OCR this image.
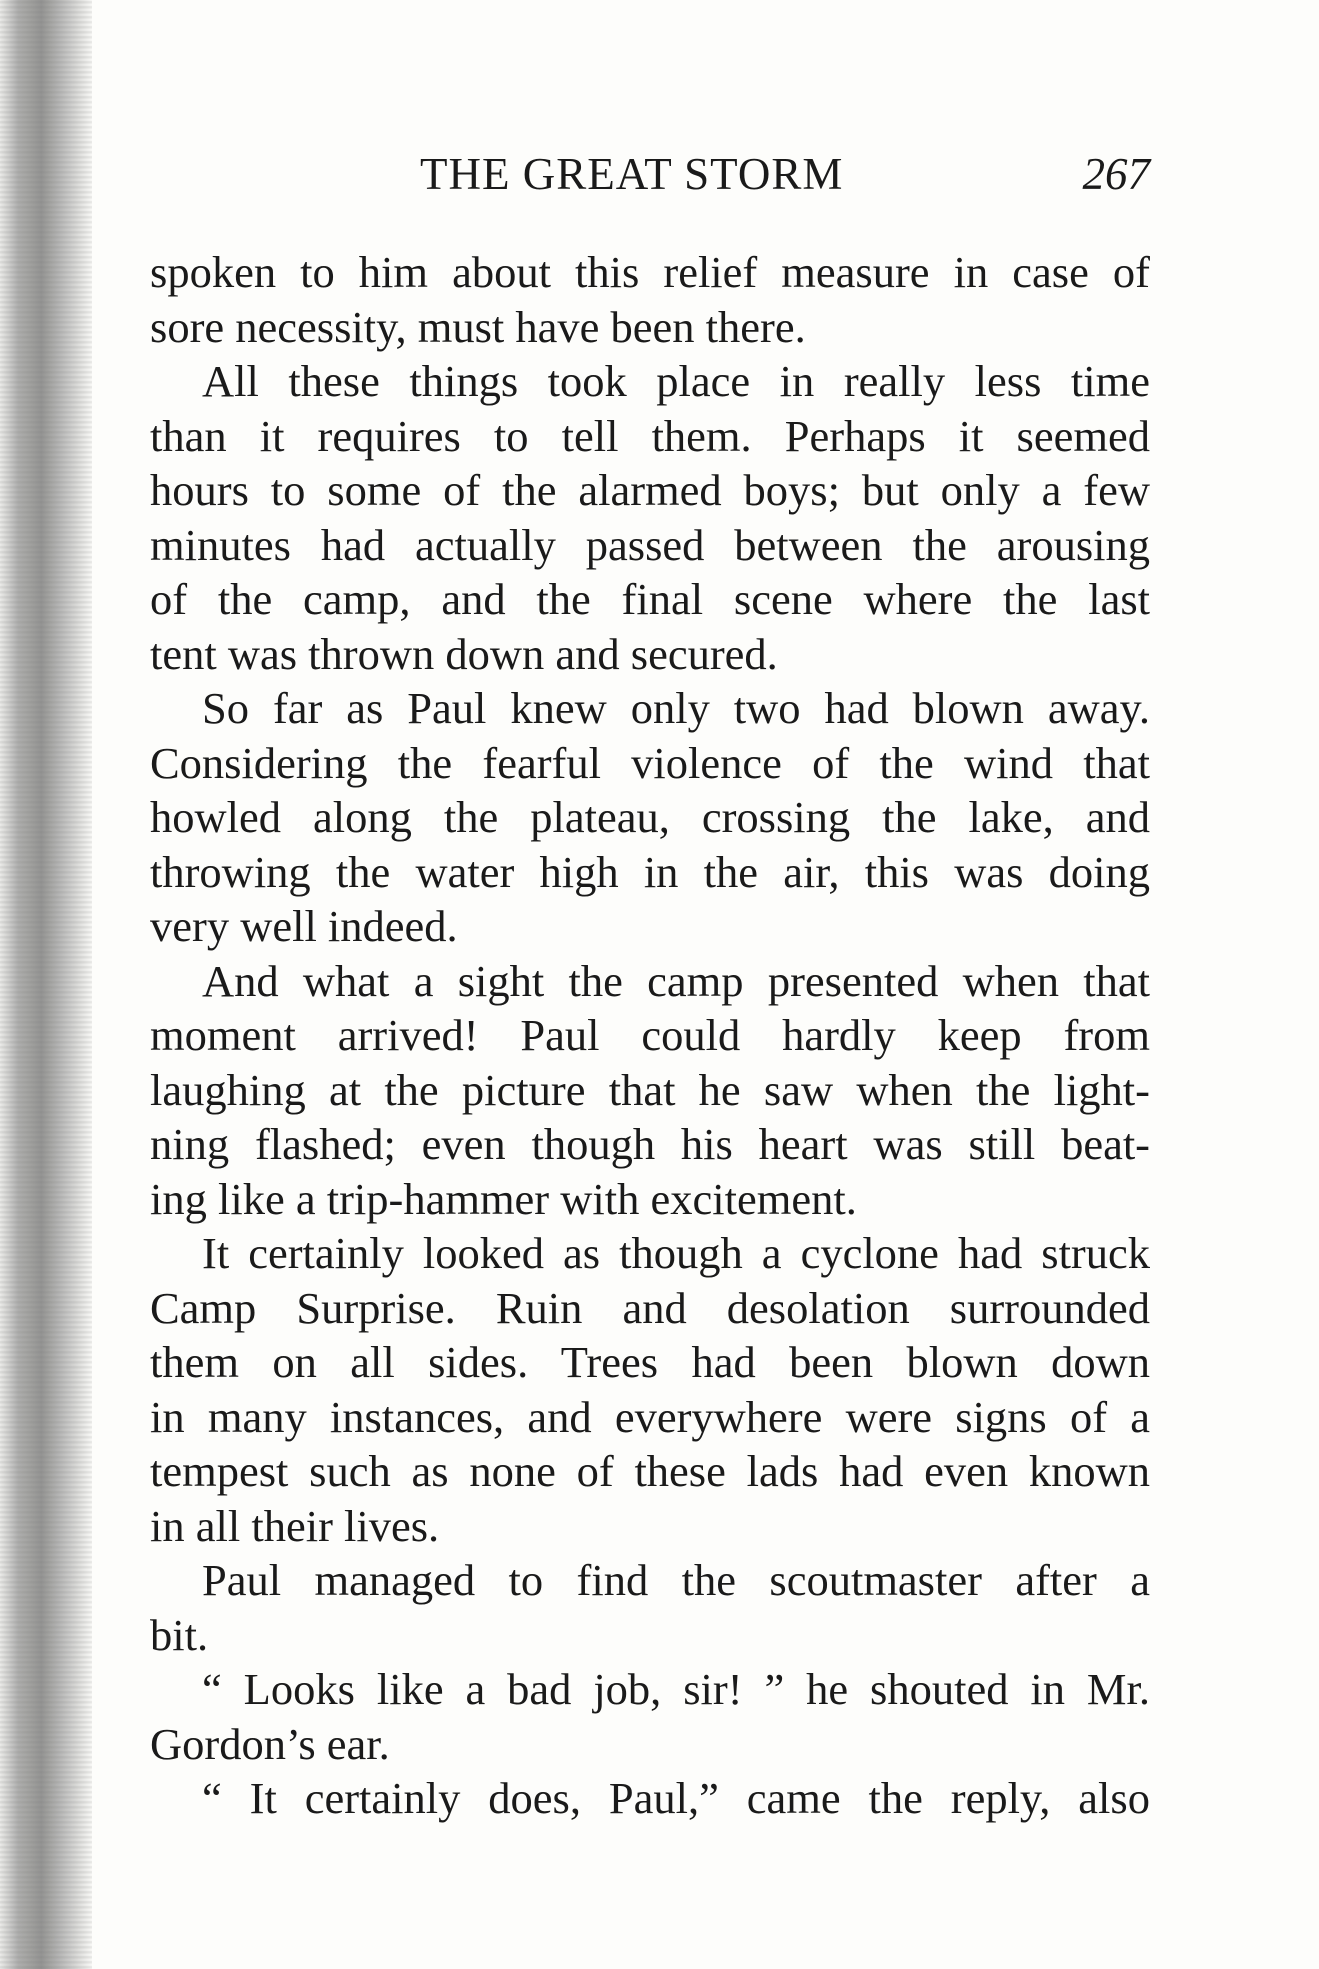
THE GREAT STORM	267
spoken to him about this relief measure in case of
sore necessity, must have been there.
All these things took place in really less time
than it requires to tell them. Perhaps it seemed
hours to some of the alarmed boys; but only a few
minutes had actually passed between the arousing
of the camp, and the final scene where the last
tent was thrown down and secured.
So far as Paul knew only two had blown away.
Considering the fearful violence of the wind that
howled along the plateau, crossing the lake, and
throwing the water high in the air, this was doing
very well indeed.
And what a sight the camp presented when that
moment arrived! Paul could hardly keep from
laughing at the picture that he saw when the light-
ning flashed; even though his heart was still beat-
ing like a trip-hammer with excitement.
It certainly looked as though a cyclone had struck
Camp Surprise. Ruin and desolation surrounded
them on all sides. Trees had been blown down
in many instances, and everywhere were signs of a
tempest such as none of these lads had even known
in all their lives.
Paul managed to find the scoutmaster after a
bit.
“ Looks like a bad job, sir! ” he shouted in Mr.
Gordon’s ear.
“ It certainly does, Paul,” came the reply, also
